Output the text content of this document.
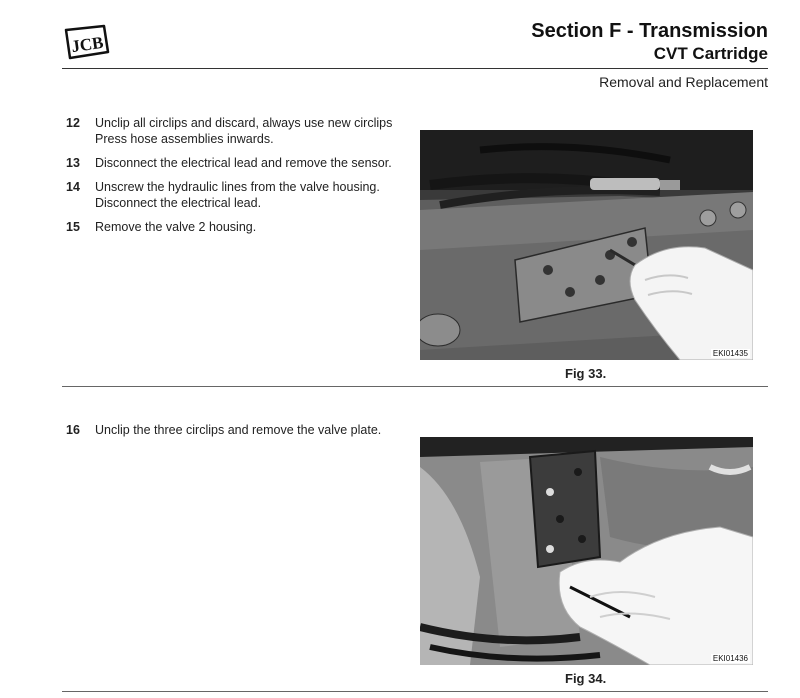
JCB
Section F - Transmission
CVT Cartridge
Removal and Replacement
12	Unclip all circlips and discard, always use new circlips Press hose assemblies inwards.
13	Disconnect the electrical lead and remove the sensor.
14	Unscrew the hydraulic lines from the valve housing. Disconnect the electrical lead.
15	Remove the valve 2 housing.
EKI01435
Fig 33.
16	Unclip the three circlips and remove the valve plate.
EKI01436
Fig 34.
